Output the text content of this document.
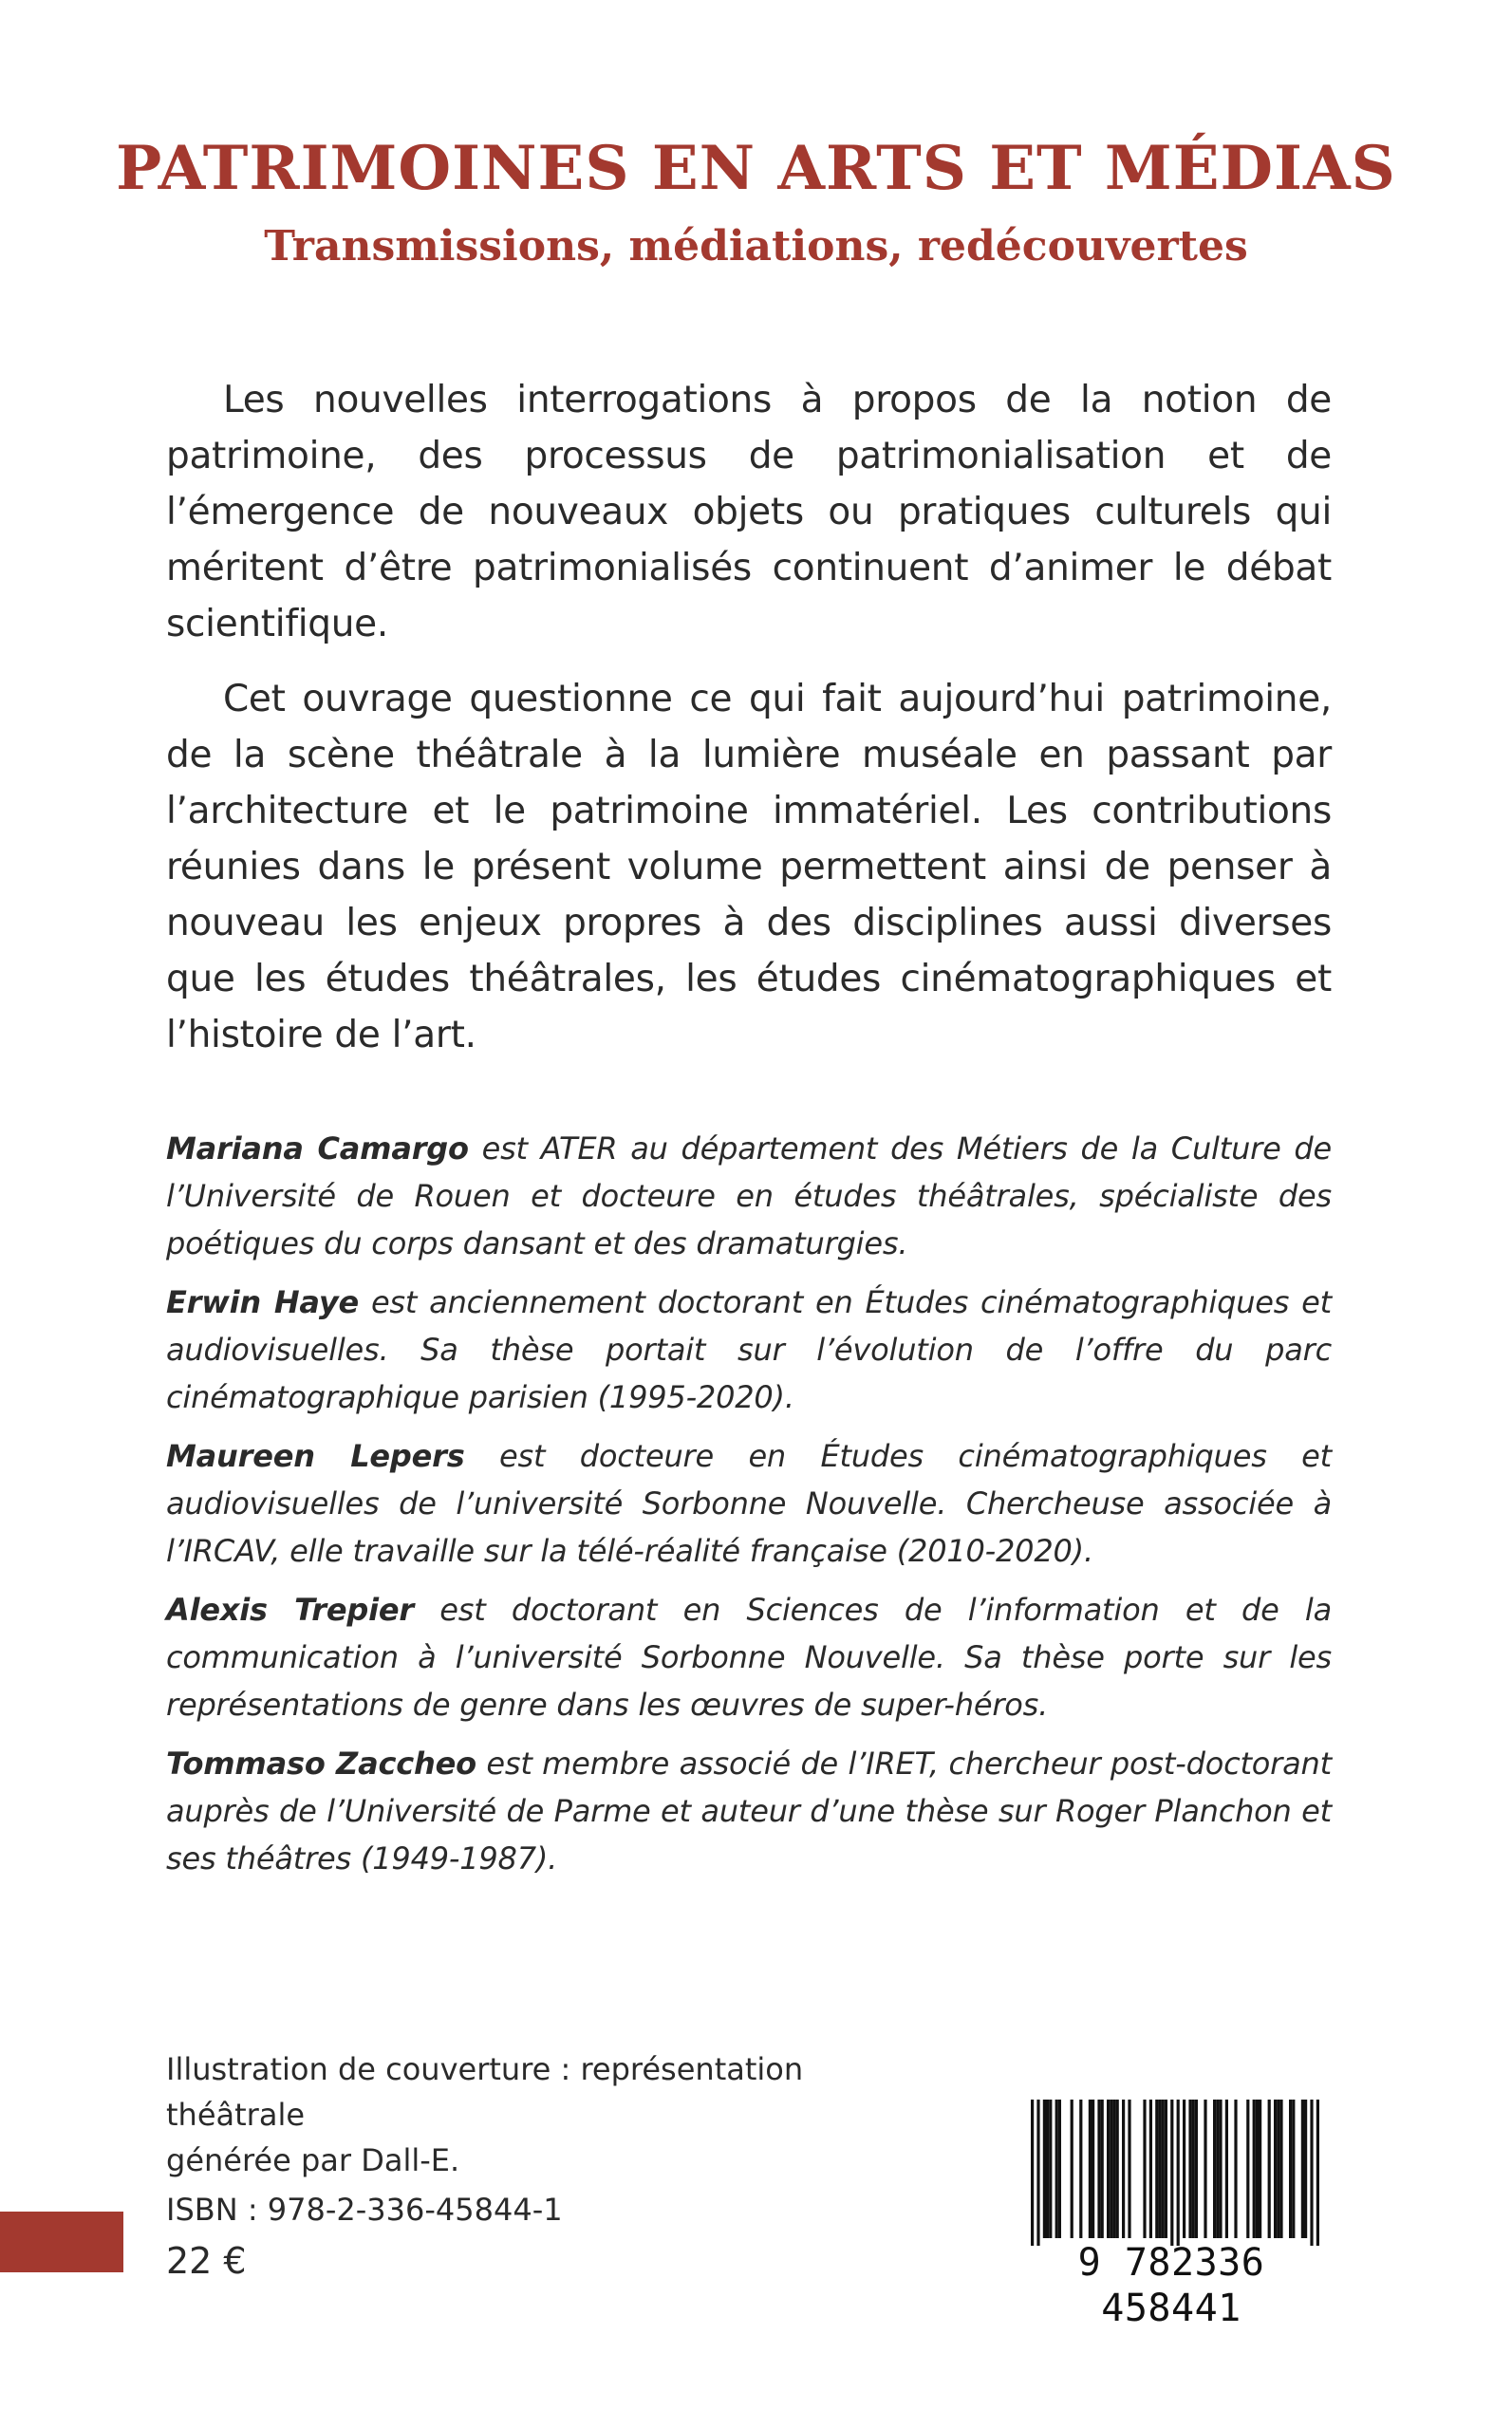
PATRIMOINES EN ARTS ET MÉDIAS
Transmissions, médiations, redécouvertes

Les nouvelles interrogations à propos de la notion de patrimoine, des processus de patrimonialisation et de l’émergence de nouveaux objets ou pratiques culturels qui méritent d’être patrimonialisés continuent d’animer le débat scientifique.

Cet ouvrage questionne ce qui fait aujourd’hui patrimoine, de la scène théâtrale à la lumière muséale en passant par l’architecture et le patrimoine immatériel. Les contributions réunies dans le présent volume permettent ainsi de penser à nouveau les enjeux propres à des disciplines aussi diverses que les études théâtrales, les études cinématographiques et l’histoire de l’art.

Mariana Camargo est ATER au département des Métiers de la Culture de l’Université de Rouen et docteure en études théâtrales, spécialiste des poétiques du corps dansant et des dramaturgies.

Erwin Haye est anciennement doctorant en Études cinématographiques et audiovisuelles. Sa thèse portait sur l’évolution de l’offre du parc cinématographique parisien (1995-2020).

Maureen Lepers est docteure en Études cinématographiques et audiovisuelles de l’université Sorbonne Nouvelle. Chercheuse associée à l’IRCAV, elle travaille sur la télé-réalité française (2010-2020).

Alexis Trepier est doctorant en Sciences de l’information et de la communication à l’université Sorbonne Nouvelle. Sa thèse porte sur les représentations de genre dans les œuvres de super-héros.

Tommaso Zaccheo est membre associé de l’IRET, chercheur post-doctorant auprès de l’Université de Parme et auteur d’une thèse sur Roger Planchon et ses théâtres (1949-1987).

Illustration de couverture : représentation théâtrale
générée par Dall-E.
ISBN : 978-2-336-45844-1
22 €	9 782336 458441
